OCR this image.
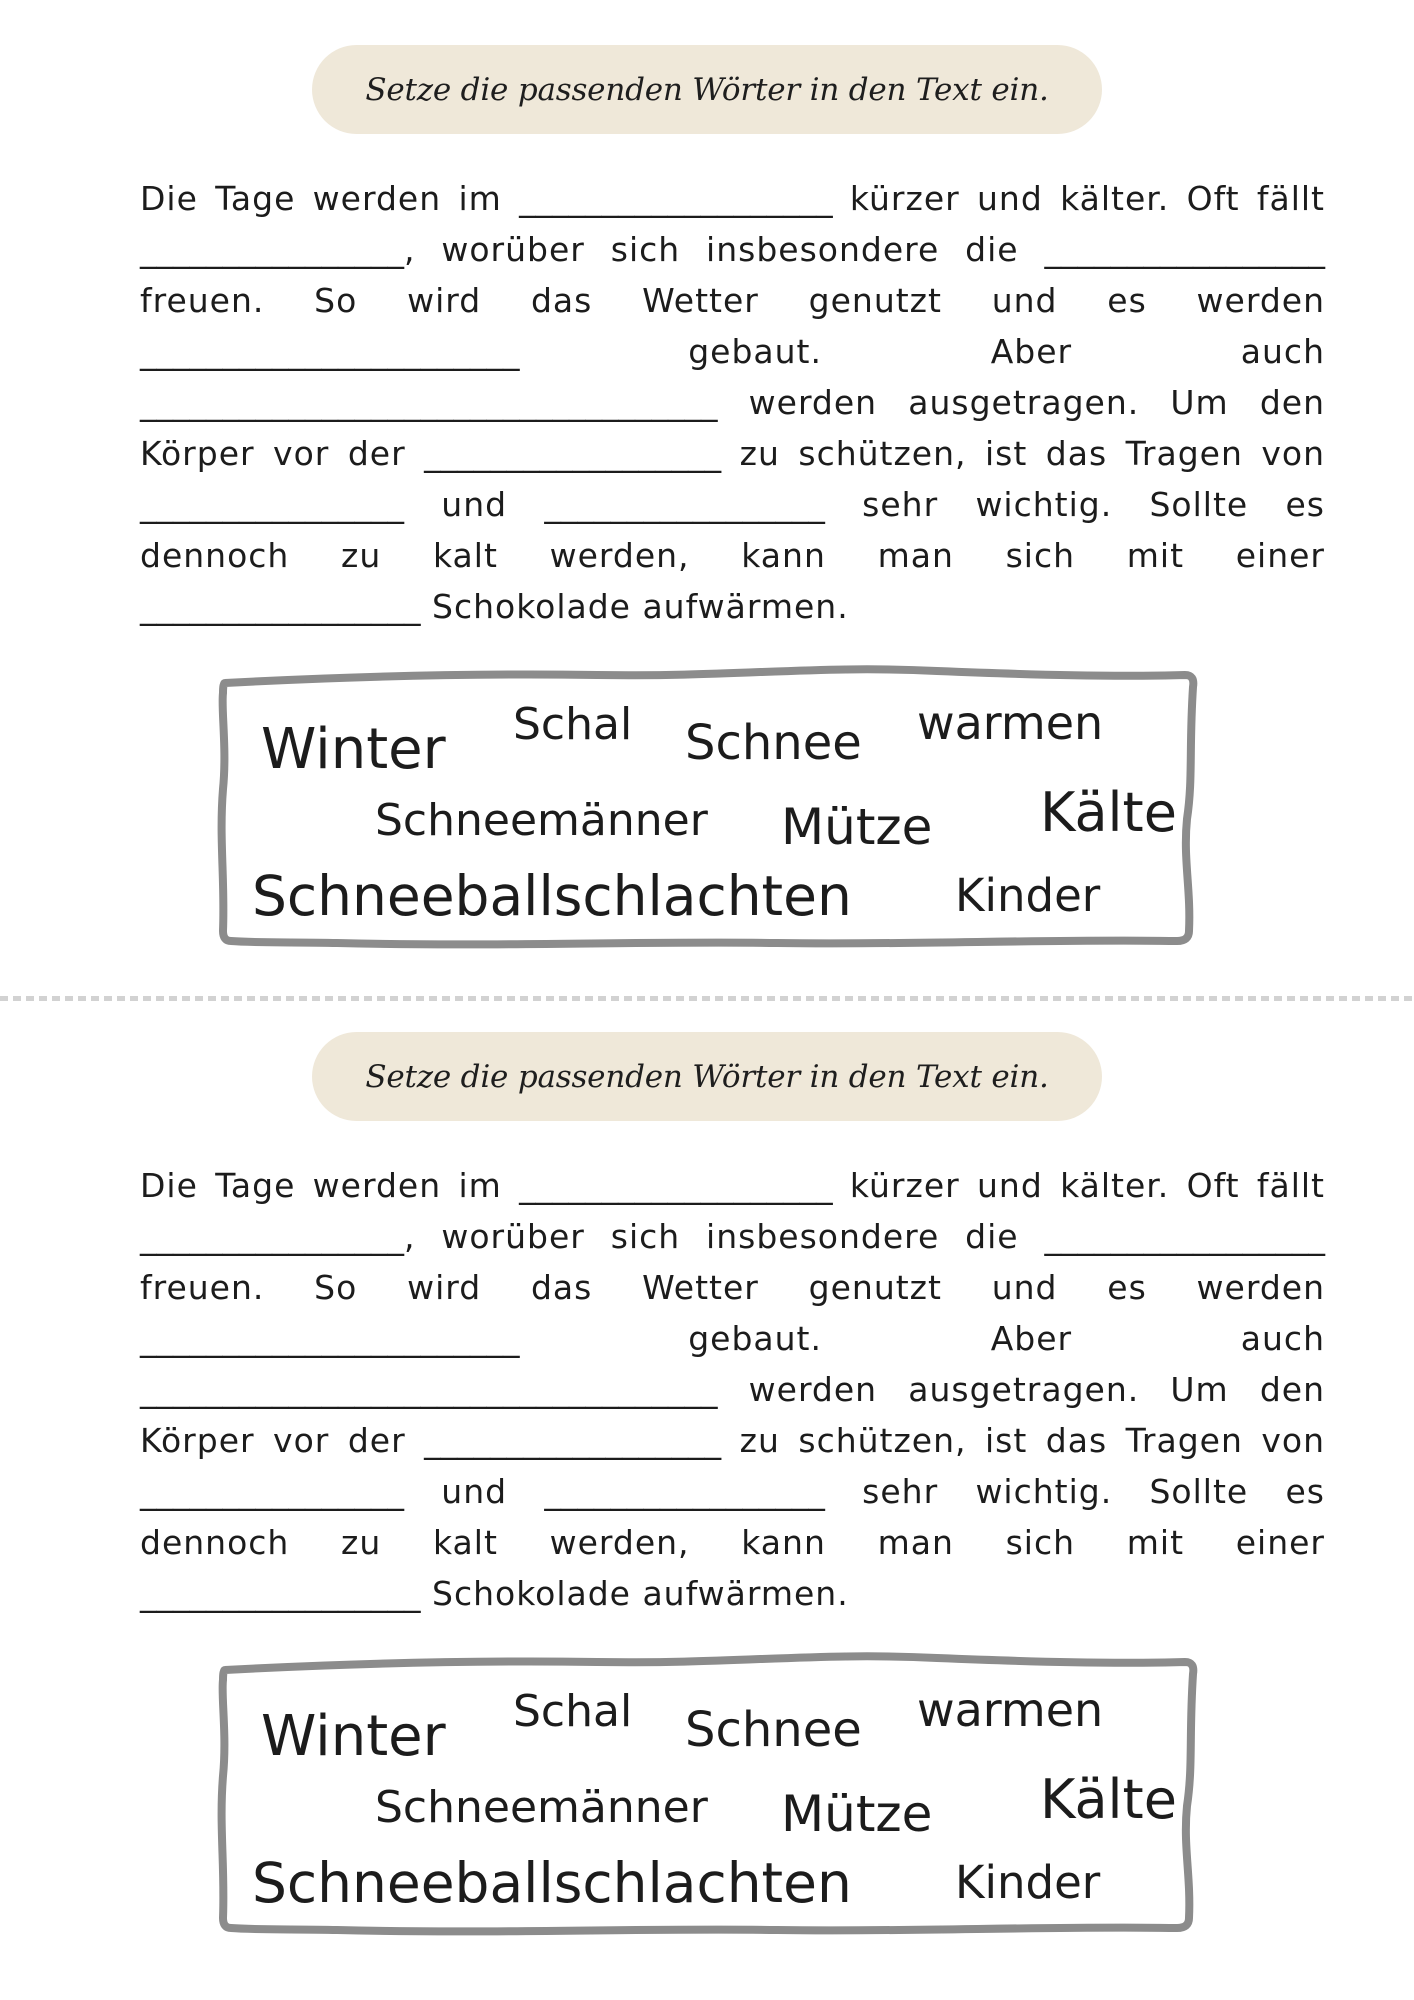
Setze die passenden Wörter in den Text ein.
Die Tage werden im ___________________ kürzer und kälter. Oft fällt
________________, worüber sich insbesondere die _________________
freuen. So wird das Wetter genutzt und es werden
_______________________	gebaut. Aber auch
___________________________________ werden ausgetragen. Um den
Körper vor der __________________ zu schützen, ist das Tragen von
________________ und _________________ sehr wichtig. Sollte es
dennoch zu kalt werden, kann man sich mit einer
_________________ Schokolade aufwärmen.
Winter Schal Schnee warmen
Schneemänner Mütze Kälte
Schneeballschlachten Kinder
Setze die passenden Wörter in den Text ein.
Die Tage werden im ___________________ kürzer und kälter. Oft fällt
________________, worüber sich insbesondere die _________________
freuen. So wird das Wetter genutzt und es werden
_______________________	gebaut. Aber auch
___________________________________ werden ausgetragen. Um den
Körper vor der __________________ zu schützen, ist das Tragen von
________________ und _________________ sehr wichtig. Sollte es
dennoch zu kalt werden, kann man sich mit einer
_________________ Schokolade aufwärmen.
Winter Schal Schnee warmen
Schneemänner Mütze Kälte
Schneeballschlachten Kinder
